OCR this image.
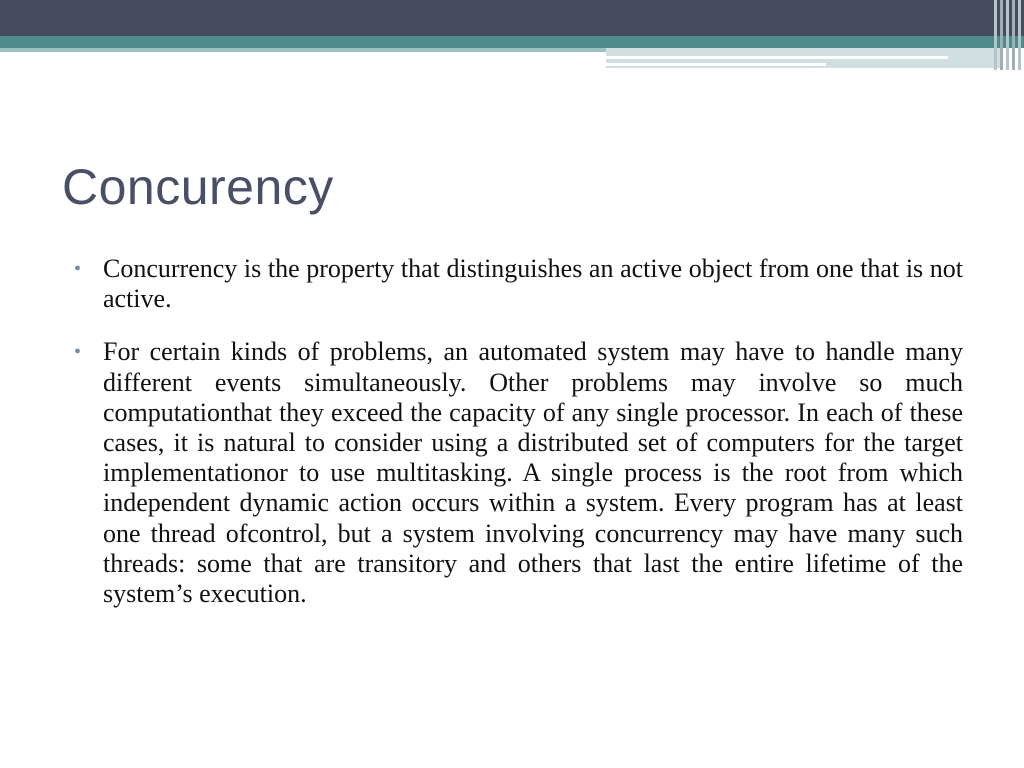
Concurency
• Concurrency is the property that distinguishes an active object from one that is not active.
• For certain kinds of problems, an automated system may have to handle many different events simultaneously. Other problems may involve so much computationthat they exceed the capacity of any single processor. In each of these cases, it is natural to consider using a distributed set of computers for the target implementationor to use multitasking. A single process is the root from which independent dynamic action occurs within a system. Every program has at least one thread ofcontrol, but a system involving concurrency may have many such threads: some that are transitory and others that last the entire lifetime of the system’s execution.
